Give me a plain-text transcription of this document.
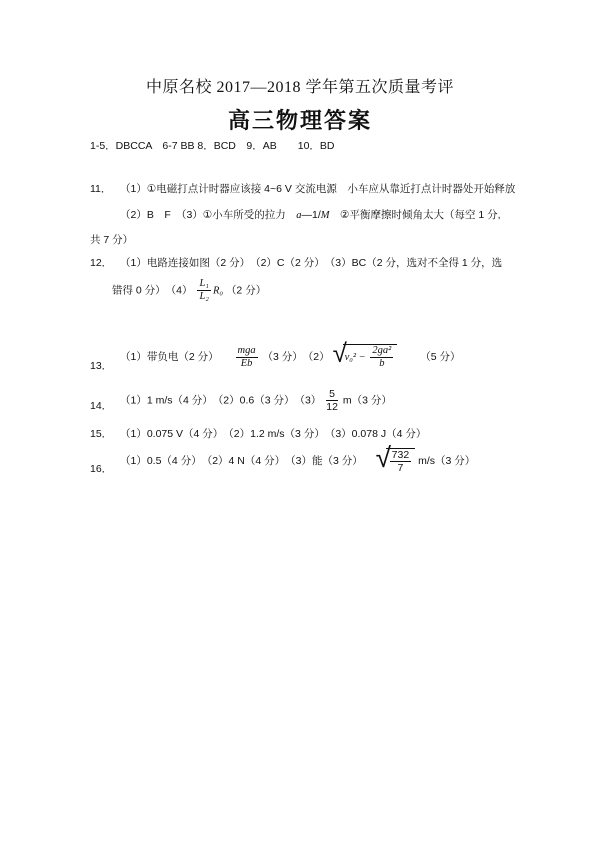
中原名校 2017—2018 学年第五次质量考评
高三物理答案
1-5．DBCCA　6-7 BB 8．BCD　9．AB　　10．BD
11． （1）①电磁打点计时器应该接 4~6 V 交流电源　小车应从靠近打点计时器处开始释放
（2）B　F　（3）①小车所受的拉力　a—1/M　②平衡摩擦时倾角太大（每空 1 分,
共 7 分）
12． （1）电路连接如图（2 分）　（2）C（2 分）　（3）BC（2 分，选对不全得 1 分，选
错得 0 分）　$(4) \frac{\text{L₁}}{\text{L₂}} R_0$ （2 分）
13．
（1）带负电（2 分） $\frac{\text{mga}}{Eb} (3$ 分）　（2） √
$v_0^2 - \frac{\text{2ga²}}{b}$	（5 分）
14． （1）1 m/s（4 分）　（2）0.6（3 分）　$(3) \frac{5}{12} m(3$ 分）
15． （1）0.075 V（4 分）　（2）1.2 m/s（3 分）　（3）0.078 J（4 分）
16．
（1）0.5（4 分）　（2）4 N（4 分）　（3）能（3 分） √
$\frac{732}{7} m/s(3$ 分）
